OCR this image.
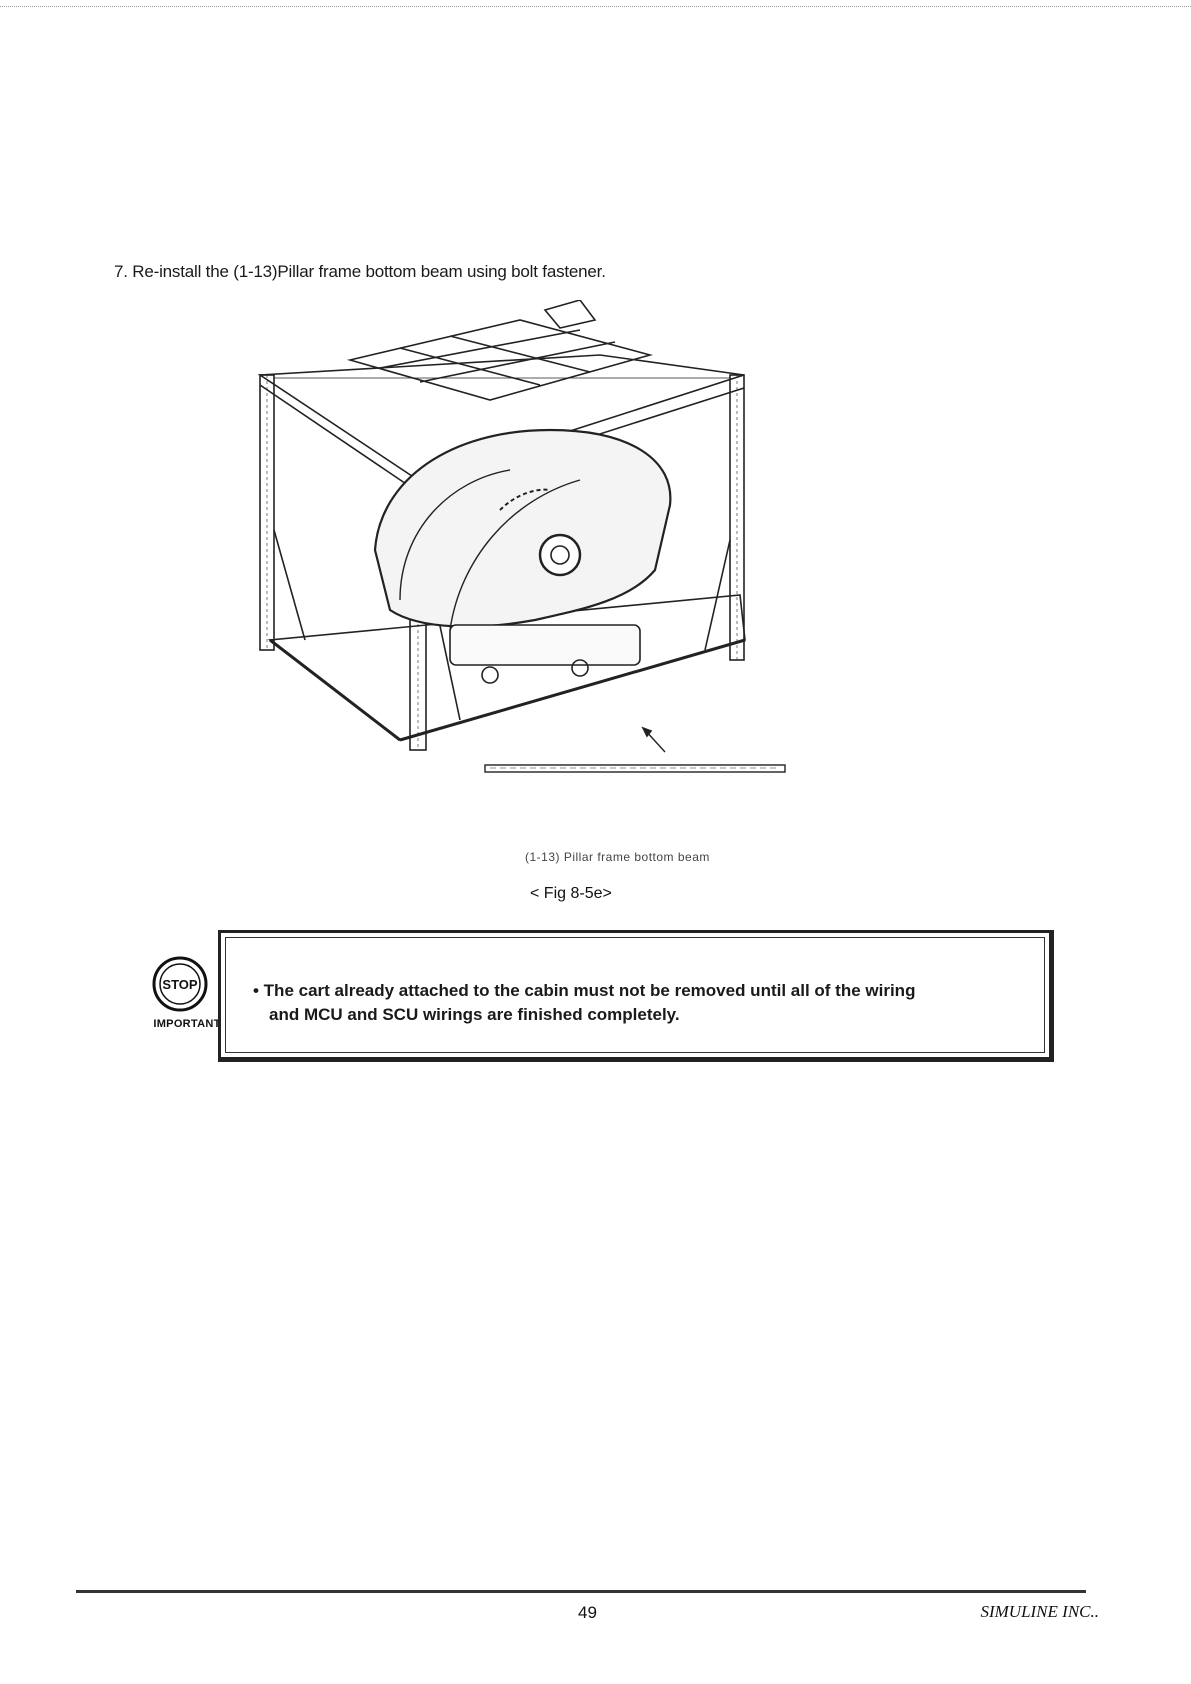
7. Re-install the (1-13)Pillar frame bottom beam using bolt fastener.
(1-13) Pillar frame bottom beam
< Fig 8-5e>
STOP
IMPORTANT
• The cart already attached to the cabin must not be removed until all of the wiring
and MCU and SCU wirings are finished completely.
49	SIMULINE INC..
